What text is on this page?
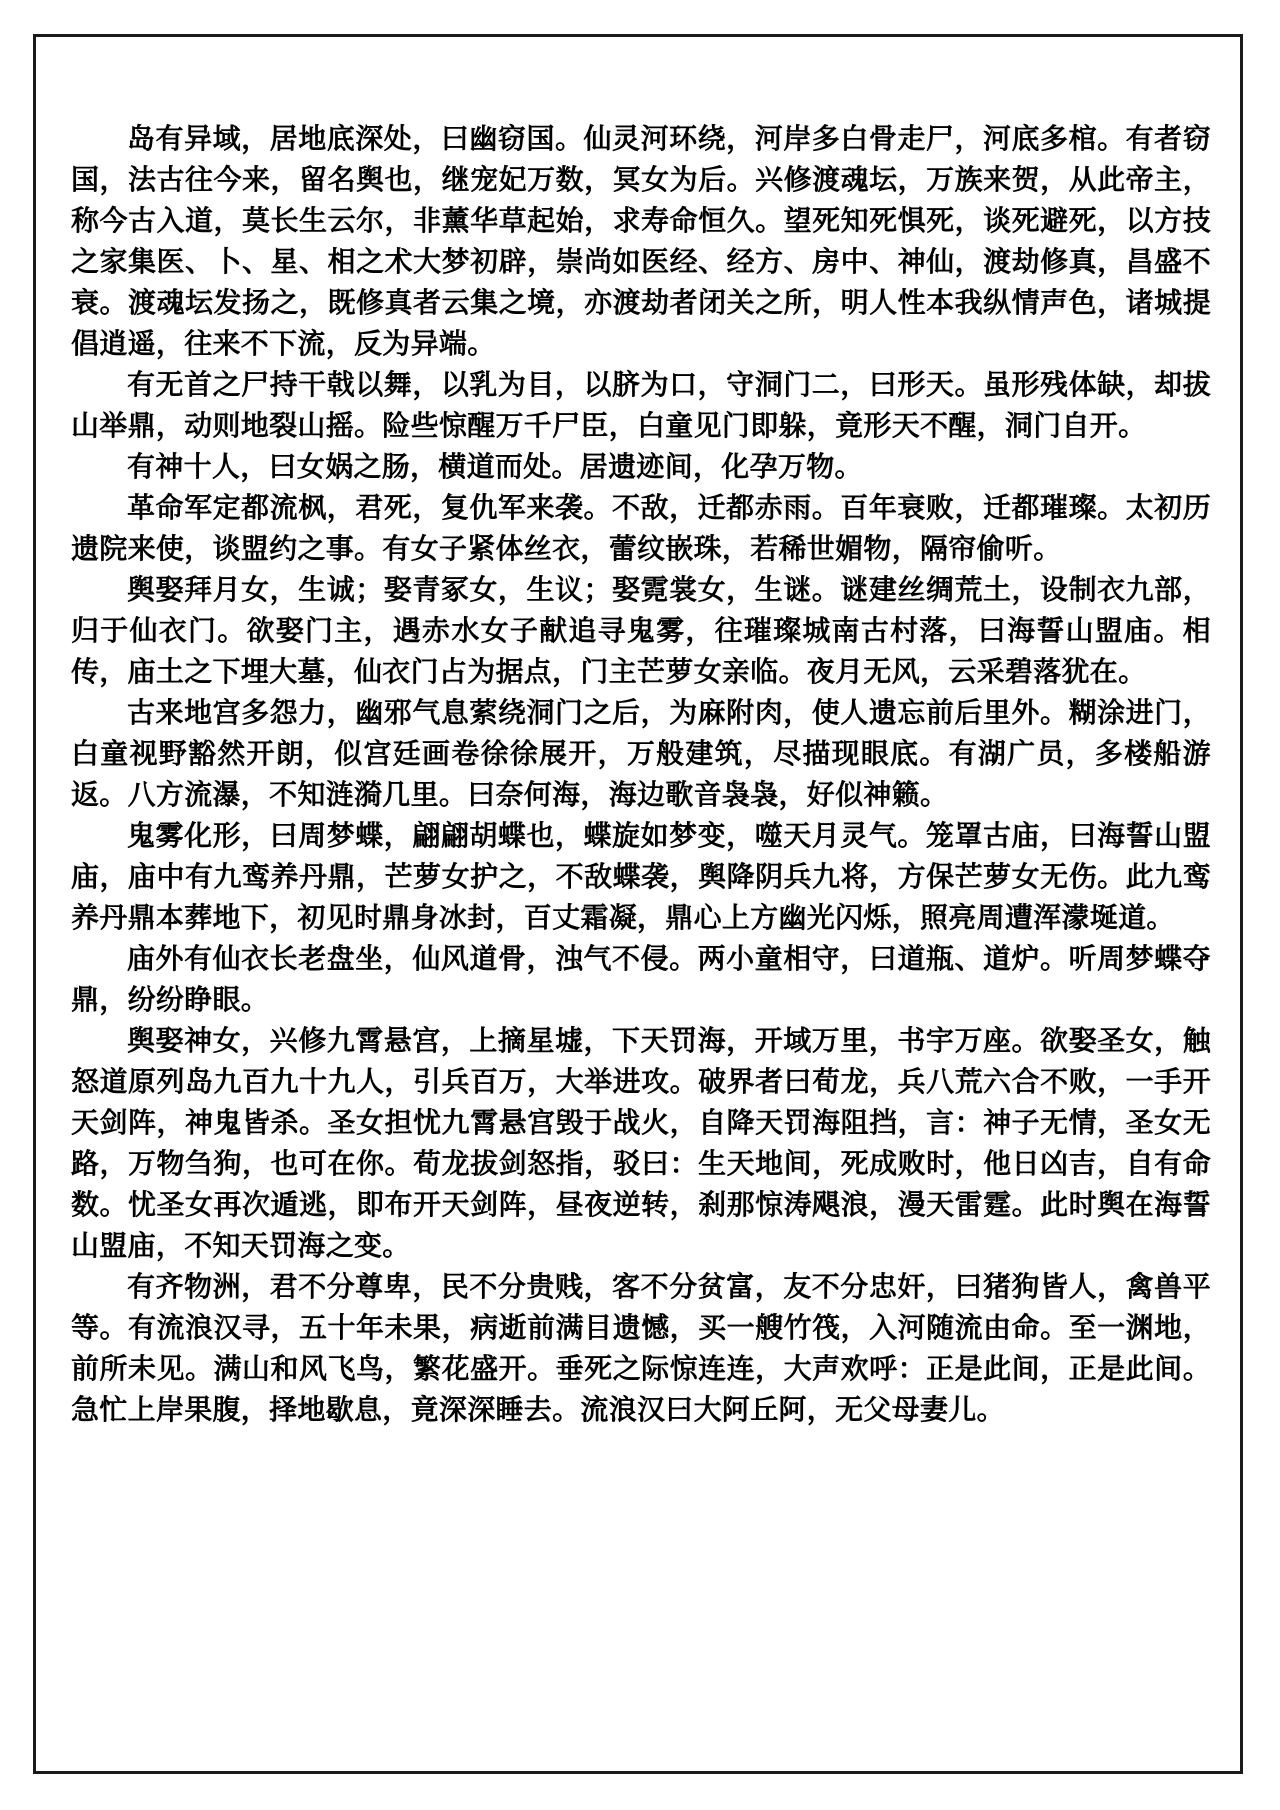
岛有异域，居地底深处，曰幽窃国。仙灵河环绕，河岸多白骨走尸，河底多棺。有者窃国，法古往今来，留名舆也，继宠妃万数，冥女为后。兴修渡魂坛，万族来贺，从此帝主，称今古入道，莫长生云尔，非薰华草起始，求寿命恒久。望死知死惧死，谈死避死，以方技之家集医、卜、星、相之术大梦初辟，崇尚如医经、经方、房中、神仙，渡劫修真，昌盛不衰。渡魂坛发扬之，既修真者云集之境，亦渡劫者闭关之所，明人性本我纵情声色，诸城提倡逍遥，往来不下流，反为异端。

有无首之尸持干戟以舞，以乳为目，以脐为口，守洞门二，曰形天。虽形残体缺，却拔山举鼎，动则地裂山摇。险些惊醒万千尸臣，白童见门即躲，竟形天不醒，洞门自开。

有神十人，曰女娲之肠，横道而处。居遗迹间，化孕万物。

革命军定都流枫，君死，复仇军来袭。不敌，迁都赤雨。百年衰败，迁都璀璨。太初历遗院来使，谈盟约之事。有女子紧体丝衣，蕾纹嵌珠，若稀世媚物，隔帘偷听。

舆娶拜月女，生诚；娶青冢女，生议；娶霓裳女，生谜。谜建丝绸荒土，设制衣九部，归于仙衣门。欲娶门主，遇赤水女子献追寻鬼雾，往璀璨城南古村落，曰海誓山盟庙。相传，庙土之下埋大墓，仙衣门占为据点，门主芒萝女亲临。夜月无风，云采碧落犹在。

古来地宫多怨力，幽邪气息萦绕洞门之后，为麻附肉，使人遗忘前后里外。糊涂进门，白童视野豁然开朗，似宫廷画卷徐徐展开，万般建筑，尽描现眼底。有湖广员，多楼船游返。八方流瀑，不知涟漪几里。曰奈何海，海边歌音袅袅，好似神籁。

鬼雾化形，曰周梦蝶，翩翩胡蝶也，蝶旋如梦变，噬天月灵气。笼罩古庙，曰海誓山盟庙，庙中有九鸾养丹鼎，芒萝女护之，不敌蝶袭，舆降阴兵九将，方保芒萝女无伤。此九鸾养丹鼎本葬地下，初见时鼎身冰封，百丈霜凝，鼎心上方幽光闪烁，照亮周遭浑濛埏道。

庙外有仙衣长老盘坐，仙风道骨，浊气不侵。两小童相守，曰道瓶、道炉。听周梦蝶夺鼎，纷纷睁眼。

舆娶神女，兴修九霄悬宫，上摘星墟，下天罚海，开域万里，书宇万座。欲娶圣女，触怒道原列岛九百九十九人，引兵百万，大举进攻。破界者曰荀龙，兵八荒六合不败，一手开天剑阵，神鬼皆杀。圣女担忧九霄悬宫毁于战火，自降天罚海阻挡，言：神子无情，圣女无路，万物刍狗，也可在你。荀龙拔剑怒指，驳曰：生天地间，死成败时，他日凶吉，自有命数。忧圣女再次遁逃，即布开天剑阵，昼夜逆转，刹那惊涛飓浪，漫天雷霆。此时舆在海誓山盟庙，不知天罚海之变。

有齐物洲，君不分尊卑，民不分贵贱，客不分贫富，友不分忠奸，曰猪狗皆人，禽兽平等。有流浪汉寻，五十年未果，病逝前满目遗憾，买一艘竹筏，入河随流由命。至一渊地，前所未见。满山和风飞鸟，繁花盛开。垂死之际惊连连，大声欢呼：正是此间，正是此间。急忙上岸果腹，择地歇息，竟深深睡去。流浪汉曰大阿丘阿，无父母妻儿。
